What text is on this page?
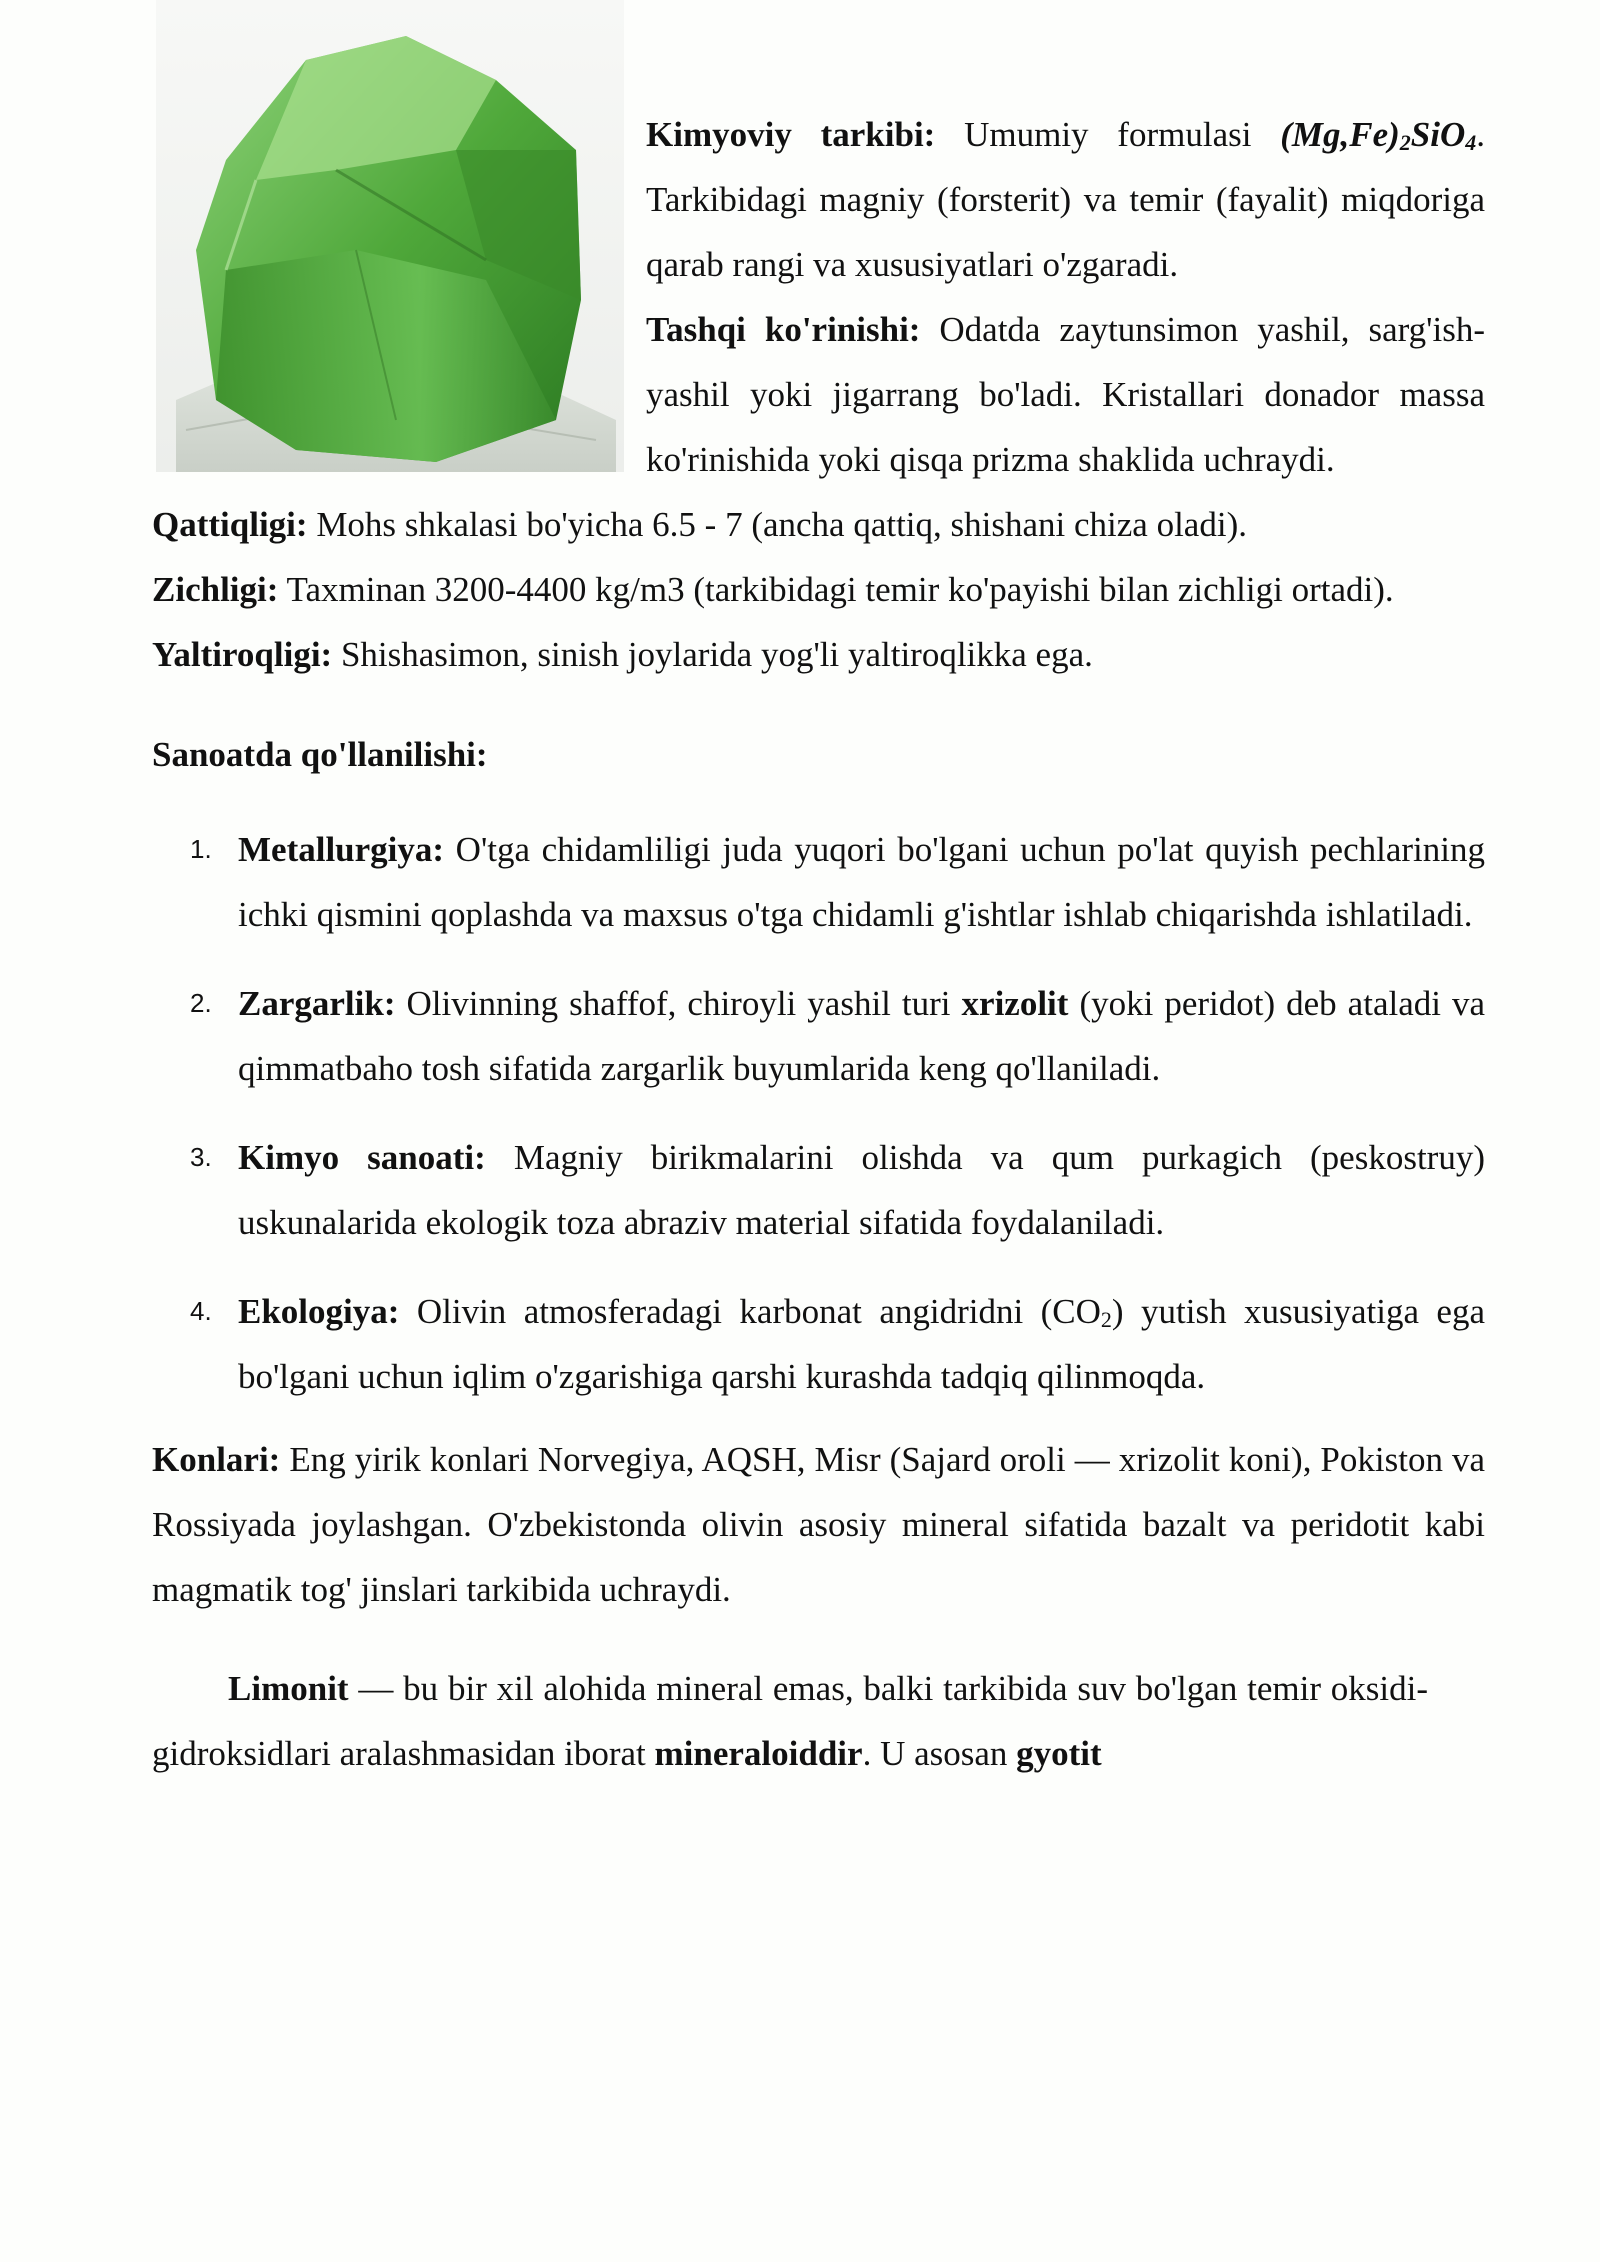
Kimyoviy tarkibi: Umumiy formulasi $(Mg,Fe)_2SiO_4$. Tarkibidagi magniy (forsterit) va temir (fayalit) miqdoriga qarab rangi va xususiyatlari o'zgaradi.

Tashqi ko'rinishi: Odatda zaytunsimon yashil, sarg'ish-yashil yoki jigarrang bo'ladi. Kristallari donador massa ko'rinishida yoki qisqa prizma shaklida uchraydi.

Qattiqligi: Mohs shkalasi bo'yicha 6.5 - 7 (ancha qattiq, shishani chiza oladi).

Zichligi: Taxminan 3200-4400 kg/m3 (tarkibidagi temir ko'payishi bilan zichligi ortadi).

Yaltiroqligi: Shishasimon, sinish joylarida yog'li yaltiroqlikka ega.

Sanoatda qo'llanilishi:

1. Metallurgiya: O'tga chidamliligi juda yuqori bo'lgani uchun po'lat quyish pechlarining ichki qismini qoplashda va maxsus o'tga chidamli g'ishtlar ishlab chiqarishda ishlatiladi.
2. Zargarlik: Olivinning shaffof, chiroyli yashil turi xrizolit (yoki peridot) deb ataladi va qimmatbaho tosh sifatida zargarlik buyumlarida keng qo'llaniladi.
3. Kimyo sanoati: Magniy birikmalarini olishda va qum purkagich (peskostruy) uskunalarida ekologik toza abraziv material sifatida foydalaniladi.
4. Ekologiya: Olivin atmosferadagi karbonat angidridni $(CO_2)$ yutish xususiyatiga ega bo'lgani uchun iqlim o'zgarishiga qarshi kurashda tadqiq qilinmoqda.

Konlari: Eng yirik konlari Norvegiya, AQSH, Misr (Sajard oroli — xrizolit koni), Pokiston va Rossiyada joylashgan. O'zbekistonda olivin asosiy mineral sifatida bazalt va peridotit kabi magmatik tog' jinslari tarkibida uchraydi.

Limonit — bu bir xil alohida mineral emas, balki tarkibida suv bo'lgan temir oksidi-gidroksidlari aralashmasidan iborat mineraloiddir. U asosan gyotit
